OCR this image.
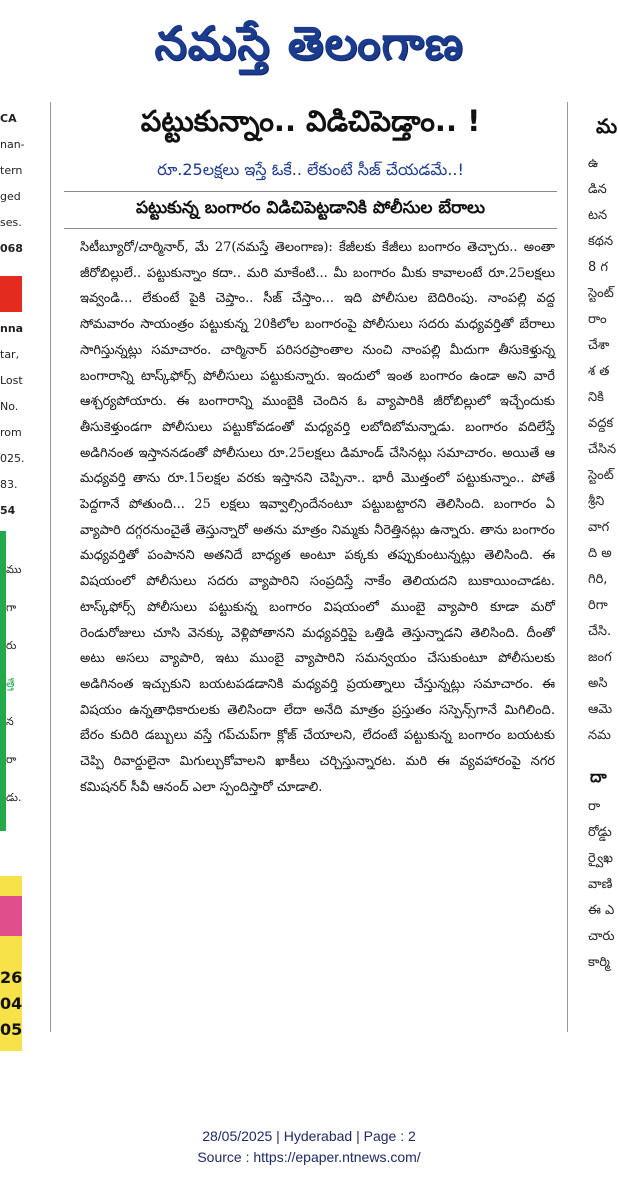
నమస్తే తెలంగాణ
CA
nan-
tern
ged
ses.
068
nna
tar,
Lost
No.
rom
025.
83.
54
ము
గా
రు
త్తే
న
రా
డు.
26
04
05
పట్టుకున్నాం.. విడిచిపెడ్తాం.. !
రూ.25లక్షలు ఇస్తే ఓకే.. లేకుంటే సీజ్ చేయడమే..!
పట్టుకున్న బంగారం విడిచిపెట్టడానికి పోలీసుల బేరాలు

సిటీబ్యూరో/చార్మినార్, మే 27(నమస్తే తెలంగాణ): కేజీలకు కేజీలు బంగారం తెచ్చారు.. అంతా జీరోబిల్లులే.. పట్టుకున్నాం కదా.. మరి మాకేంటి... మీ బంగారం మీకు కావాలంటే రూ.25లక్షలు ఇవ్వండి... లేకుంటే పైకి చెప్తాం.. సీజ్ చేస్తాం... ఇది పోలీసుల బెదిరింపు. నాంపల్లి వద్ద సోమవారం సాయంత్రం పట్టుకున్న 20కిలోల బంగారంపై పోలీసులు సదరు మధ్యవర్తితో బేరాలు సాగిస్తున్నట్లు సమాచారం. చార్మినార్ పరిసరప్రాంతాల నుంచి నాంపల్లి మీదుగా తీసుకెళ్తున్న బంగారాన్ని టాస్క్‌ఫోర్స్ పోలీసులు పట్టుకున్నారు. ఇందులో ఇంత బంగారం ఉండా అని వారే ఆశ్చర్యపోయారు. ఈ బంగారాన్ని ముంబైకి చెందిన ఓ వ్యాపారికి జీరోబిల్లులో ఇచ్చేందుకు తీసుకెళ్తుండగా పోలీసులు పట్టుకోవడంతో మధ్యవర్తి లబోదిబోమన్నాడు. బంగారం వదిలేస్తే అడిగినంత ఇస్తాననడంతో పోలీసులు రూ.25లక్షలు డిమాండ్ చేసినట్లు సమాచారం. అయితే ఆ మధ్యవర్తి తాను రూ.15లక్షల వరకు ఇస్తానని చెప్పినా.. భారీ మొత్తంలో పట్టుకున్నాం.. పోతే పెద్దగానే పోతుంది... 25 లక్షలు ఇవ్వాల్సిందేనంటూ పట్టుబట్టారని తెలిసింది. బంగారం ఏ వ్యాపారి దగ్గరనుంచైతే తెస్తున్నారో అతను మాత్రం నిమ్మకు నీరెత్తినట్లు ఉన్నారు. తాను బంగారం మధ్యవర్తితో పంపానని అతనిదే బాధ్యత అంటూ పక్కకు తప్పుకుంటున్నట్లు తెలిసింది. ఈ విషయంలో పోలీసులు సదరు వ్యాపారిని సంప్రదిస్తే నాకేం తెలియదని బుకాయించాడట. టాస్క్‌ఫోర్స్ పోలీసులు పట్టుకున్న బంగారం విషయంలో ముంబై వ్యాపారి కూడా మరో రెండురోజులు చూసి వెనక్కు వెళ్లిపోతానని మధ్యవర్తిపై ఒత్తిడి తెస్తున్నాడని తెలిసింది. దీంతో అటు అసలు వ్యాపారి, ఇటు ముంబై వ్యాపారిని సమన్వయం చేసుకుంటూ పోలీసులకు అడిగినంత ఇచ్చుకుని బయటపడడానికి మధ్యవర్తి ప్రయత్నాలు చేస్తున్నట్లు సమాచారం. ఈ విషయం ఉన్నతాధికారులకు తెలిసిందా లేదా అనేది మాత్రం ప్రస్తుతం సస్పెన్స్‌గానే మిగిలింది. బేరం కుదిరి డబ్బులు వస్తే గప్‌చుప్‌గా క్లోజ్ చేయాలని, లేదంటే పట్టుకున్న బంగారం బయటకు చెప్పి రివార్డులైనా మిగుల్చుకోవాలని ఖాకీలు చర్చిస్తున్నారట. మరి ఈ వ్యవహారంపై నగర కమిషనర్ సీవీ ఆనంద్ ఎలా స్పందిస్తారో చూడాలి.

మ
ఉ
డిన
టన
కథన
8 గ
స్టెంట్
రాం
చేశా
శ త
నికి
వద్దక
చేసిన
స్టెంట్
శ్రీని
వాగ
ది అ
గిరి,
రిగా
చేసి.
జంగ
అసి
ఆమె
నమ
దా
రా
రోడ్డు
ర్వైఖ
వాణి
ఈ ఎ
చారు
కార్మి
28/05/2025 | Hyderabad | Page : 2
Source : https://epaper.ntnews.com/
